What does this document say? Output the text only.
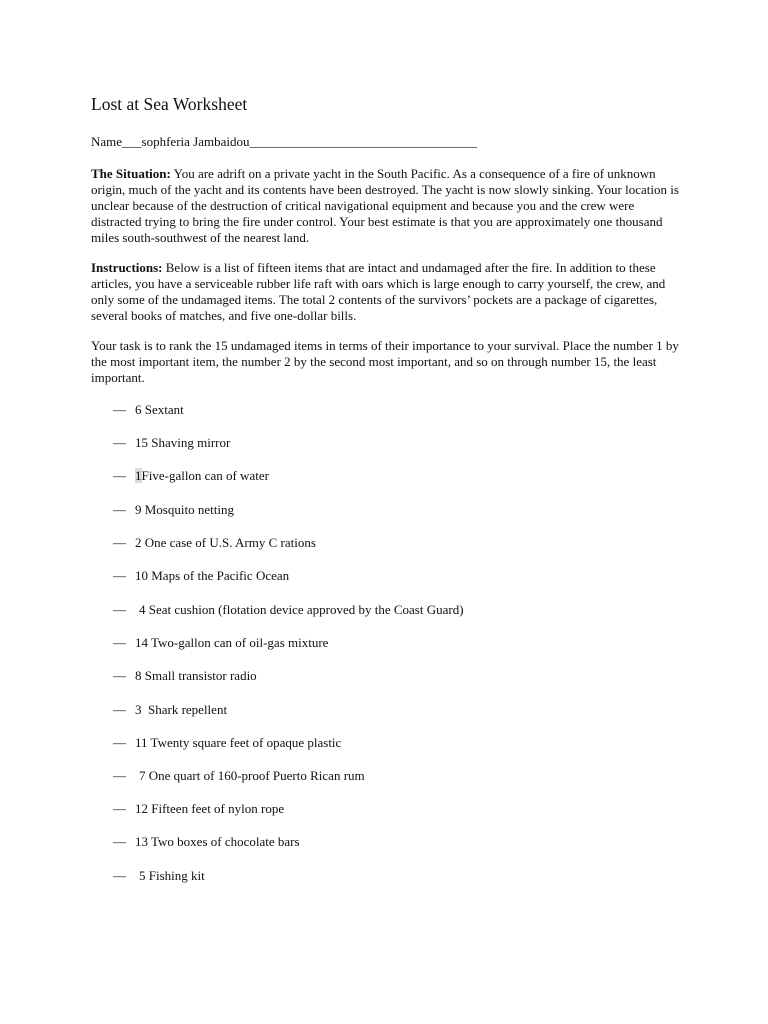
Lost at Sea Worksheet
Name___sophferia Jambaidou___________________________________

The Situation: You are adrift on a private yacht in the South Pacific. As a consequence of a fire of unknown origin, much of the yacht and its contents have been destroyed. The yacht is now slowly sinking. Your location is unclear because of the destruction of critical navigational equipment and because you and the crew were distracted trying to bring the fire under control. Your best estimate is that you are approximately one thousand miles south-southwest of the nearest land.

Instructions: Below is a list of fifteen items that are intact and undamaged after the fire. In addition to these articles, you have a serviceable rubber life raft with oars which is large enough to carry yourself, the crew, and only some of the undamaged items. The total 2 contents of the survivors’ pockets are a package of cigarettes, several books of matches, and five one-dollar bills.

Your task is to rank the 15 undamaged items in terms of their importance to your survival. Place the number 1 by the most important item, the number 2 by the second most important, and so on through number 15, the least important.

— 6 Sextant
— 15 Shaving mirror
— 1Five-gallon can of water
— 9 Mosquito netting
— 2 One case of U.S. Army C rations
— 10 Maps of the Pacific Ocean
— 4 Seat cushion (flotation device approved by the Coast Guard)
— 14 Two-gallon can of oil-gas mixture
— 8 Small transistor radio
— 3 Shark repellent
— 11 Twenty square feet of opaque plastic
— 7 One quart of 160-proof Puerto Rican rum
— 12 Fifteen feet of nylon rope
— 13 Two boxes of chocolate bars
— 5 Fishing kit
